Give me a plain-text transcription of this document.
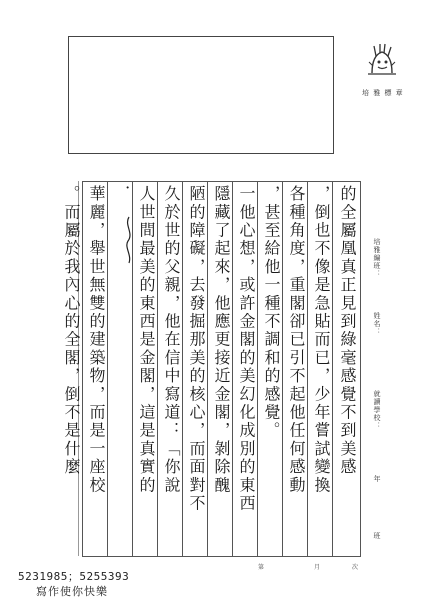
培 雅 標 章
培雅編班：
姓名：
就讀學校：
年
班
的全屬凰真正見到綠毫感覺不到美感
，倒也不像是急貼而已，少年嘗試變換
各種角度，重閣卻已引不起他任何感動
，甚至給他一種不調和的感覺。
一他心想，或許金閣的美幻化成別的東西
隱藏了起來，他應更接近金閣，剝除醜
陋的障礙，去發掘那美的核心，而面對不
久於世的父親，他在信中寫道：「你說
人世間最美的東西是金閣，這是真實的
．
華麗，舉世無雙的建築物，而是一座校
。而屬於我內心的全閣，倒不是什麼
第	月	次
5231985；5255393
寫作使你快樂
